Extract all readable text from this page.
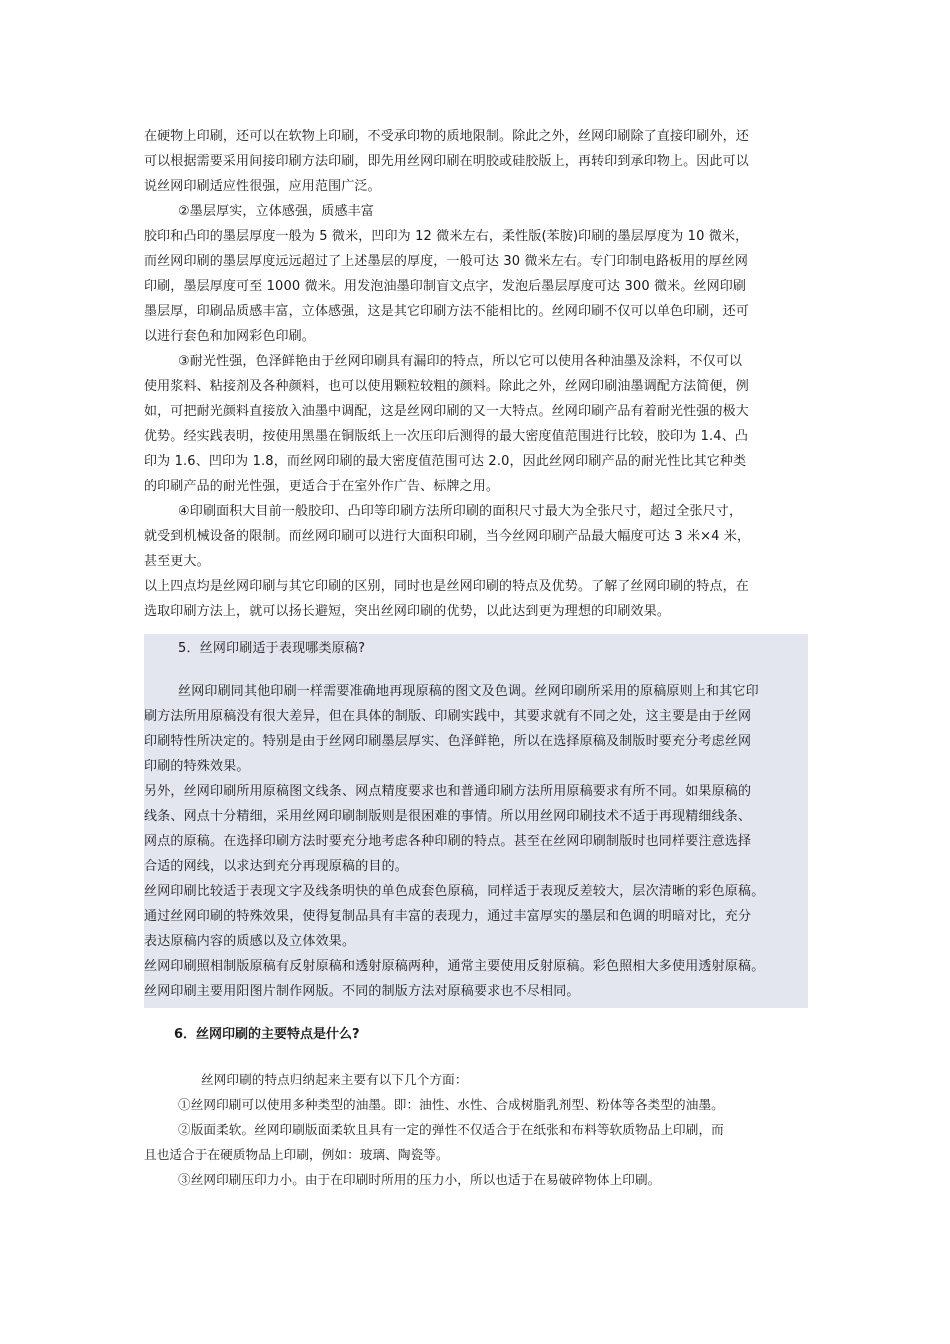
在硬物上印刷，还可以在软物上印刷，不受承印物的质地限制。除此之外，丝网印刷除了直接印刷外，还
可以根据需要采用间接印刷方法印刷，即先用丝网印刷在明胶或硅胶版上，再转印到承印物上。因此可以
说丝网印刷适应性很强，应用范围广泛。
②墨层厚实，立体感强，质感丰富
胶印和凸印的墨层厚度一般为 5 微米，凹印为 12 微米左右，柔性版(苯胺)印刷的墨层厚度为 10 微米，
而丝网印刷的墨层厚度远远超过了上述墨层的厚度，一般可达 30 微米左右。专门印制电路板用的厚丝网
印刷，墨层厚度可至 1000 微米。用发泡油墨印制盲文点字，发泡后墨层厚度可达 300 微米。丝网印刷
墨层厚，印刷品质感丰富，立体感强，这是其它印刷方法不能相比的。丝网印刷不仅可以单色印刷，还可
以进行套色和加网彩色印刷。
③耐光性强，色泽鲜艳由于丝网印刷具有漏印的特点，所以它可以使用各种油墨及涂料，不仅可以
使用浆料、粘接剂及各种颜料，也可以使用颗粒较粗的颜料。除此之外，丝网印刷油墨调配方法简便，例
如，可把耐光颜料直接放入油墨中调配，这是丝网印刷的又一大特点。丝网印刷产品有着耐光性强的极大
优势。经实践表明，按使用黑墨在铜版纸上一次压印后测得的最大密度值范围进行比较，胶印为 1.4、凸
印为 1.6、凹印为 1.8，而丝网印刷的最大密度值范围可达 2.0，因此丝网印刷产品的耐光性比其它种类
的印刷产品的耐光性强，更适合于在室外作广告、标牌之用。
④印刷面积大目前一般胶印、凸印等印刷方法所印刷的面积尺寸最大为全张尺寸，超过全张尺寸，
就受到机械设备的限制。而丝网印刷可以进行大面积印刷，当今丝网印刷产品最大幅度可达 3 米×4 米，
甚至更大。
以上四点均是丝网印刷与其它印刷的区别，同时也是丝网印刷的特点及优势。了解了丝网印刷的特点，在
选取印刷方法上，就可以扬长避短，突出丝网印刷的优势，以此达到更为理想的印刷效果。
5．丝网印刷适于表现哪类原稿?
丝网印刷同其他印刷一样需要准确地再现原稿的图文及色调。丝网印刷所采用的原稿原则上和其它印
刷方法所用原稿没有很大差异，但在具体的制版、印刷实践中，其要求就有不同之处，这主要是由于丝网
印刷特性所决定的。特别是由于丝网印刷墨层厚实、色泽鲜艳，所以在选择原稿及制版时要充分考虑丝网
印刷的特殊效果。
另外，丝网印刷所用原稿图文线条、网点精度要求也和普通印刷方法所用原稿要求有所不同。如果原稿的
线条、网点十分精细，采用丝网印刷制版则是很困难的事情。所以用丝网印刷技术不适于再现精细线条、
网点的原稿。在选择印刷方法时要充分地考虑各种印刷的特点。甚至在丝网印刷制版时也同样要注意选择
合适的网线，以求达到充分再现原稿的目的。
丝网印刷比较适于表现文字及线条明快的单色成套色原稿，同样适于表现反差较大，层次清晰的彩色原稿。
通过丝网印刷的特殊效果，使得复制品具有丰富的表现力，通过丰富厚实的墨层和色调的明暗对比，充分
表达原稿内容的质感以及立体效果。
丝网印刷照相制版原稿有反射原稿和透射原稿两种，通常主要使用反射原稿。彩色照相大多使用透射原稿。
丝网印刷主要用阳图片制作网版。不同的制版方法对原稿要求也不尽相同。
6．丝网印刷的主要特点是什么?
丝网印刷的特点归纳起来主要有以下几个方面：
①丝网印刷可以使用多种类型的油墨。即：油性、水性、合成树脂乳剂型、粉体等各类型的油墨。
②版面柔软。丝网印刷版面柔软且具有一定的弹性不仅适合于在纸张和布料等软质物品上印刷，而
且也适合于在硬质物品上印刷，例如：玻璃、陶瓷等。
③丝网印刷压印力小。由于在印刷时所用的压力小，所以也适于在易破碎物体上印刷。
